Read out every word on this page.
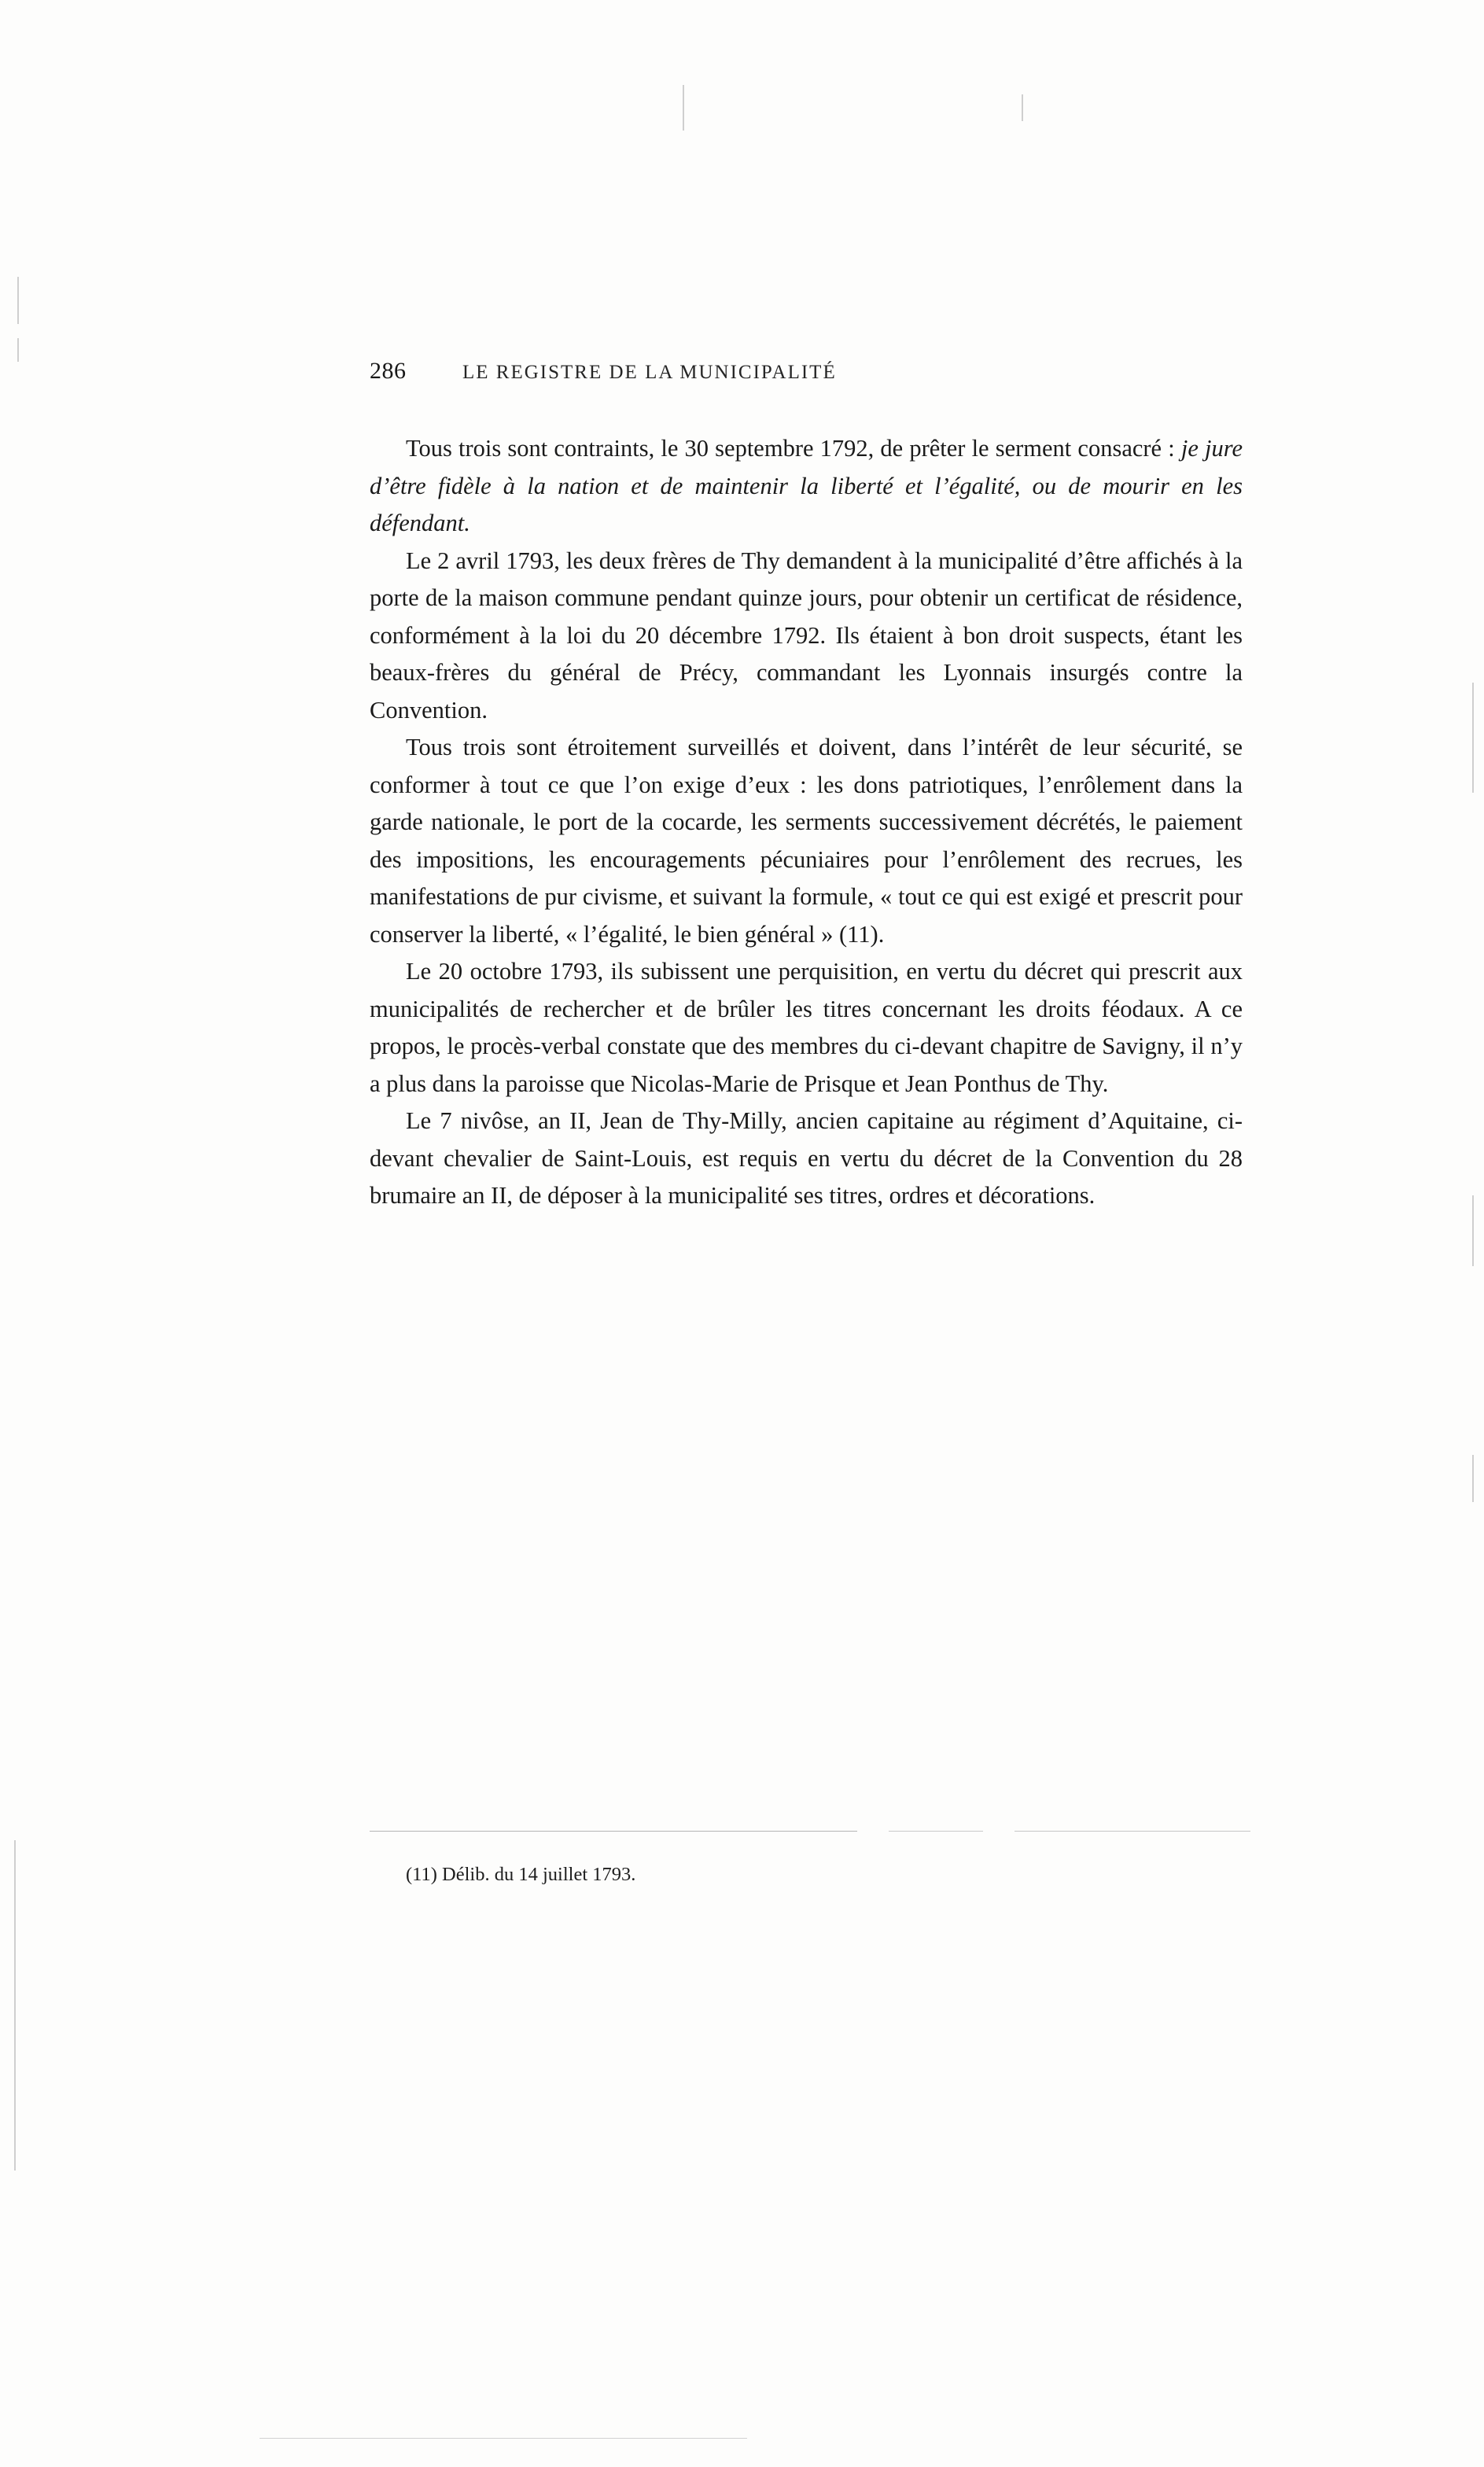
286	LE REGISTRE DE LA MUNICIPALITÉ

Tous trois sont contraints, le 30 septembre 1792, de prêter le serment consacré : je jure d’être fidèle à la nation et de maintenir la liberté et l’égalité, ou de mourir en les défendant.

Le 2 avril 1793, les deux frères de Thy demandent à la municipalité d’être affichés à la porte de la maison commune pendant quinze jours, pour obtenir un certificat de résidence, conformément à la loi du 20 décembre 1792. Ils étaient à bon droit suspects, étant les beaux-frères du général de Précy, commandant les Lyonnais insurgés contre la Convention.

Tous trois sont étroitement surveillés et doivent, dans l’intérêt de leur sécurité, se conformer à tout ce que l’on exige d’eux : les dons patriotiques, l’enrôlement dans la garde nationale, le port de la cocarde, les serments successivement décrétés, le paiement des impositions, les encouragements pécuniaires pour l’enrôlement des recrues, les manifestations de pur civisme, et suivant la formule, « tout ce qui est exigé et prescrit pour conserver la liberté, « l’égalité, le bien général » (11).

Le 20 octobre 1793, ils subissent une perquisition, en vertu du décret qui prescrit aux municipalités de rechercher et de brûler les titres concernant les droits féodaux. A ce propos, le procès-verbal constate que des membres du ci-devant chapitre de Savigny, il n’y a plus dans la paroisse que Nicolas-Marie de Prisque et Jean Ponthus de Thy.

Le 7 nivôse, an II, Jean de Thy-Milly, ancien capitaine au régiment d’Aquitaine, ci-devant chevalier de Saint-Louis, est requis en vertu du décret de la Convention du 28 brumaire an II, de déposer à la municipalité ses titres, ordres et décorations.

(11) Délib. du 14 juillet 1793.
